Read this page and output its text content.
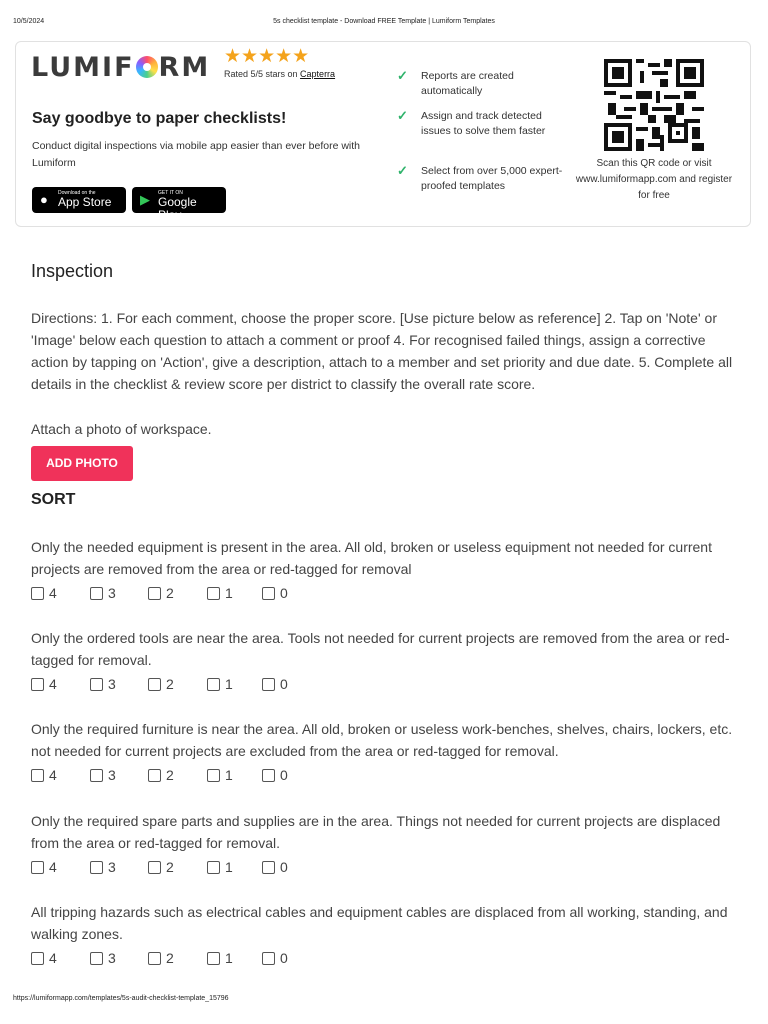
10/5/2024	5s checklist template - Download FREE Template | Lumiform Templates
LUMIF RM ★★★★★
Rated 5/5 stars on Capterra
Say goodbye to paper checklists!
Conduct digital inspections via mobile app easier than ever before with Lumiform
● Download on the
App Store	▶ GET IT ON
Google Play
✓ Reports are created automatically
✓ Assign and track detected issues to solve them faster
✓ Select from over 5,000 expert-proofed templates
Scan this QR code or visit www.lumiformapp.com and register for free
Inspection
Directions: 1. For each comment, choose the proper score. [Use picture below as reference] 2. Tap on 'Note' or 'Image' below each question to attach a comment or proof 4. For recognised failed things, assign a corrective action by tapping on 'Action', give a description, attach to a member and set priority and due date. 5. Complete all details in the checklist & review score per district to classify the overall rate score.
Attach a photo of workspace.
ADD PHOTO
SORT
Only the needed equipment is present in the area. All old, broken or useless equipment not needed for current projects are removed from the area or red-tagged for removal
4	3	2	1	0
Only the ordered tools are near the area. Tools not needed for current projects are removed from the area or red-tagged for removal.
4	3	2	1	0
Only the required furniture is near the area. All old, broken or useless work-benches, shelves, chairs, lockers, etc. not needed for current projects are excluded from the area or red-tagged for removal.
4	3	2	1	0
Only the required spare parts and supplies are in the area. Things not needed for current projects are displaced from the area or red-tagged for removal.
4	3	2	1	0
All tripping hazards such as electrical cables and equipment cables are displaced from all working, standing, and walking zones.
4	3	2	1	0
https://lumiformapp.com/templates/5s-audit-checklist-template_15796
